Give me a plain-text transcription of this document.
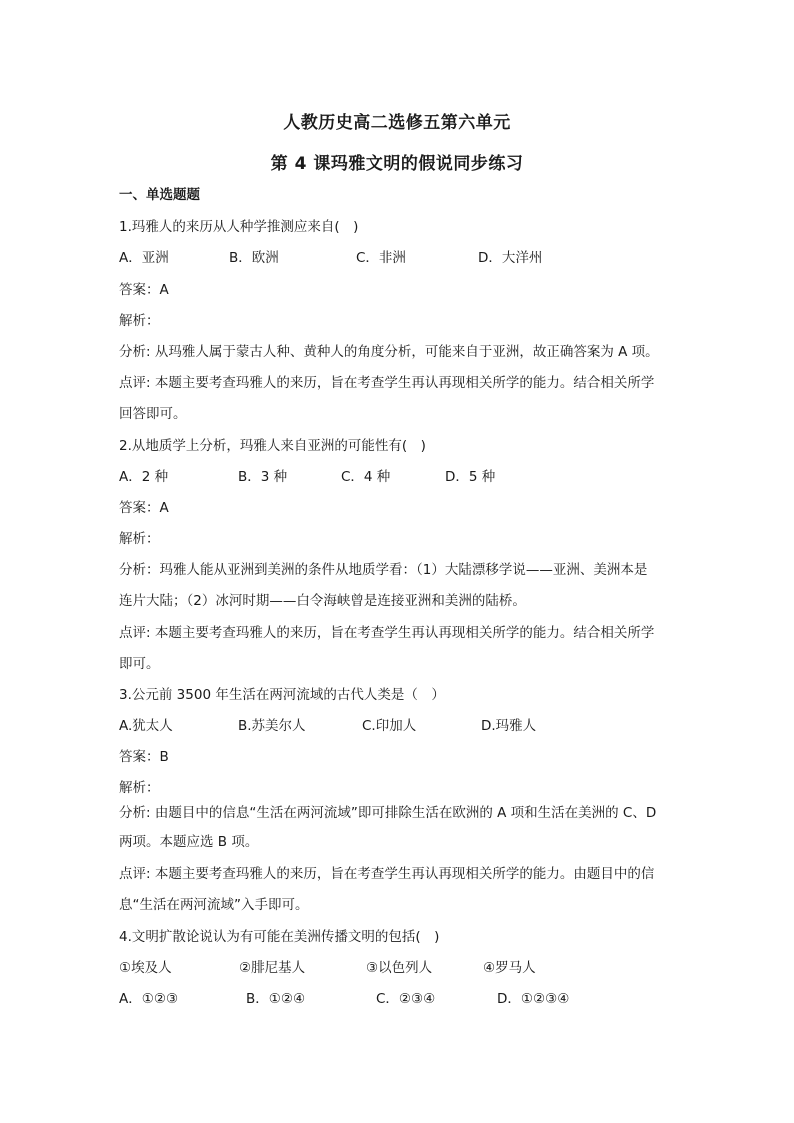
人教历史高二选修五第六单元
第 4 课玛雅文明的假说同步练习
一、单选题题
1.玛雅人的来历从人种学推测应来自(　)
A．亚洲	B．欧洲	C．非洲	D．大洋州
答案：A
解析：
分析: 从玛雅人属于蒙古人种、黄种人的角度分析，可能来自于亚洲，故正确答案为 A 项。
点评: 本题主要考查玛雅人的来历，旨在考查学生再认再现相关所学的能力。结合相关所学
回答即可。
2.从地质学上分析，玛雅人来自亚洲的可能性有(　)
A．2 种	B．3 种	C．4 种	D．5 种
答案：A
解析：
分析：玛雅人能从亚洲到美洲的条件从地质学看：（1）大陆漂移学说——亚洲、美洲本是
连片大陆；（2）冰河时期——白令海峡曾是连接亚洲和美洲的陆桥。
点评: 本题主要考查玛雅人的来历，旨在考查学生再认再现相关所学的能力。结合相关所学
即可。
3.公元前 3500 年生活在两河流域的古代人类是（　）
A.犹太人	B.苏美尔人	C.印加人	D.玛雅人
答案：B
解析：
分析: 由题目中的信息“生活在两河流域”即可排除生活在欧洲的 A 项和生活在美洲的 C、D
两项。本题应选 B 项。
点评: 本题主要考查玛雅人的来历，旨在考查学生再认再现相关所学的能力。由题目中的信
息“生活在两河流域”入手即可。
4.文明扩散论说认为有可能在美洲传播文明的包括(　)
①埃及人	②腓尼基人	③以色列人	④罗马人
A．①②③	B．①②④	C．②③④	D．①②③④
